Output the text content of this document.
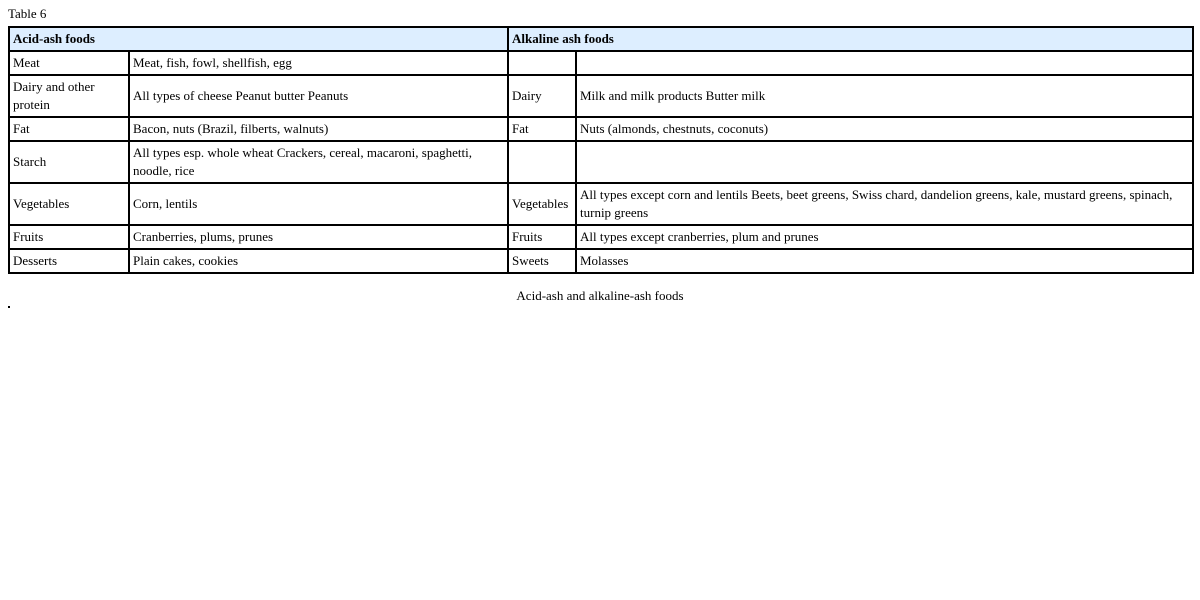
Table 6
Acid-ash foods		Alkaline ash foods	
Meat	Meat, fish, fowl, shellfish, egg		
Dairy and other protein	All types of cheese Peanut butter Peanuts	Dairy	Milk and milk products Butter milk
Fat	Bacon, nuts (Brazil, filberts, walnuts)	Fat	Nuts (almonds, chestnuts, coconuts)
Starch	All types esp. whole wheat Crackers, cereal, macaroni, spaghetti, noodle, rice		
Vegetables	Corn, lentils	Vegetables	All types except corn and lentils Beets, beet greens, Swiss chard, dandelion greens, kale, mustard greens, spinach, turnip greens
Fruits	Cranberries, plums, prunes	Fruits	All types except cranberries, plum and prunes
Desserts	Plain cakes, cookies	Sweets	Molasses
Acid-ash and alkaline-ash foods
